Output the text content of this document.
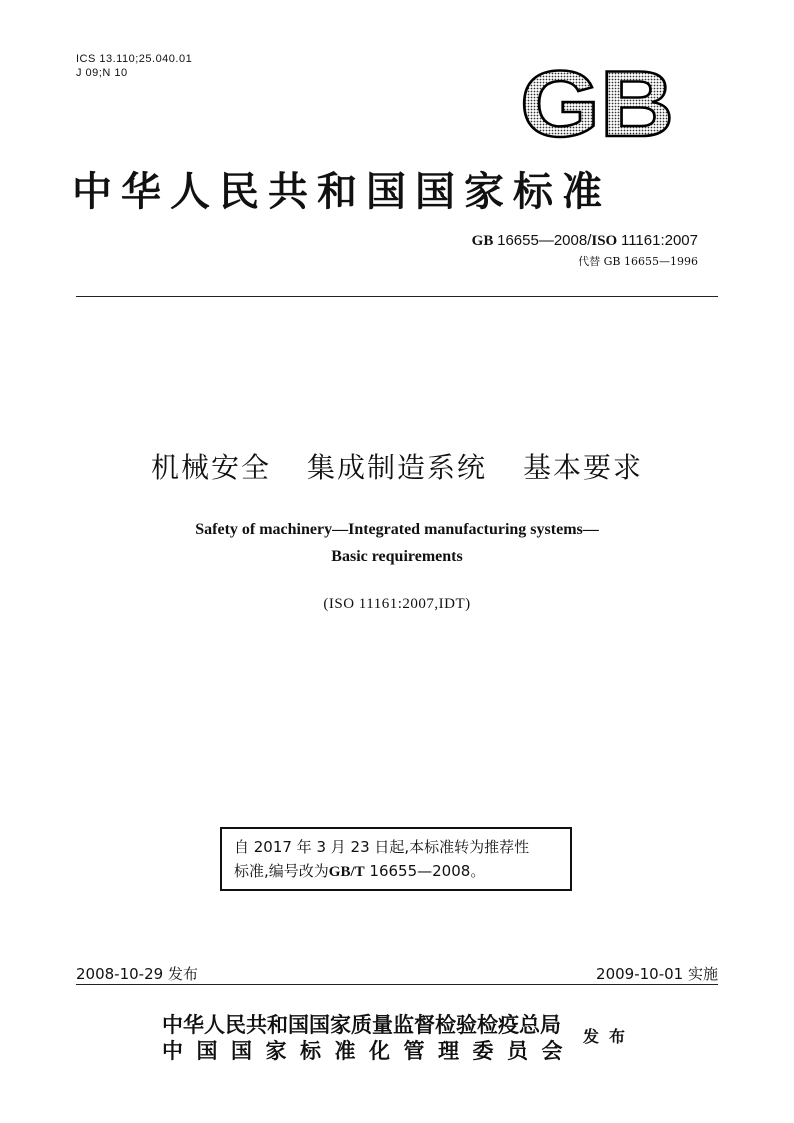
ICS 13.110;25.040.01
J 09;N 10	GB
中华人民共和国国家标准
GB 16655—2008/ISO 11161:2007
代替 GB 16655—1996
机械安全 集成制造系统 基本要求
Safety of machinery—Integrated manufacturing systems—
Basic requirements
(ISO 11161:2007,IDT)
自 2017 年 3 月 23 日起,本标准转为推荐性
标准,编号改为GB/T 16655—2008。
2008-10-29 发布	2009-10-01 实施
中华人民共和国国家质量监督检验检疫总局
中国国家标准化管理委员会
发布
